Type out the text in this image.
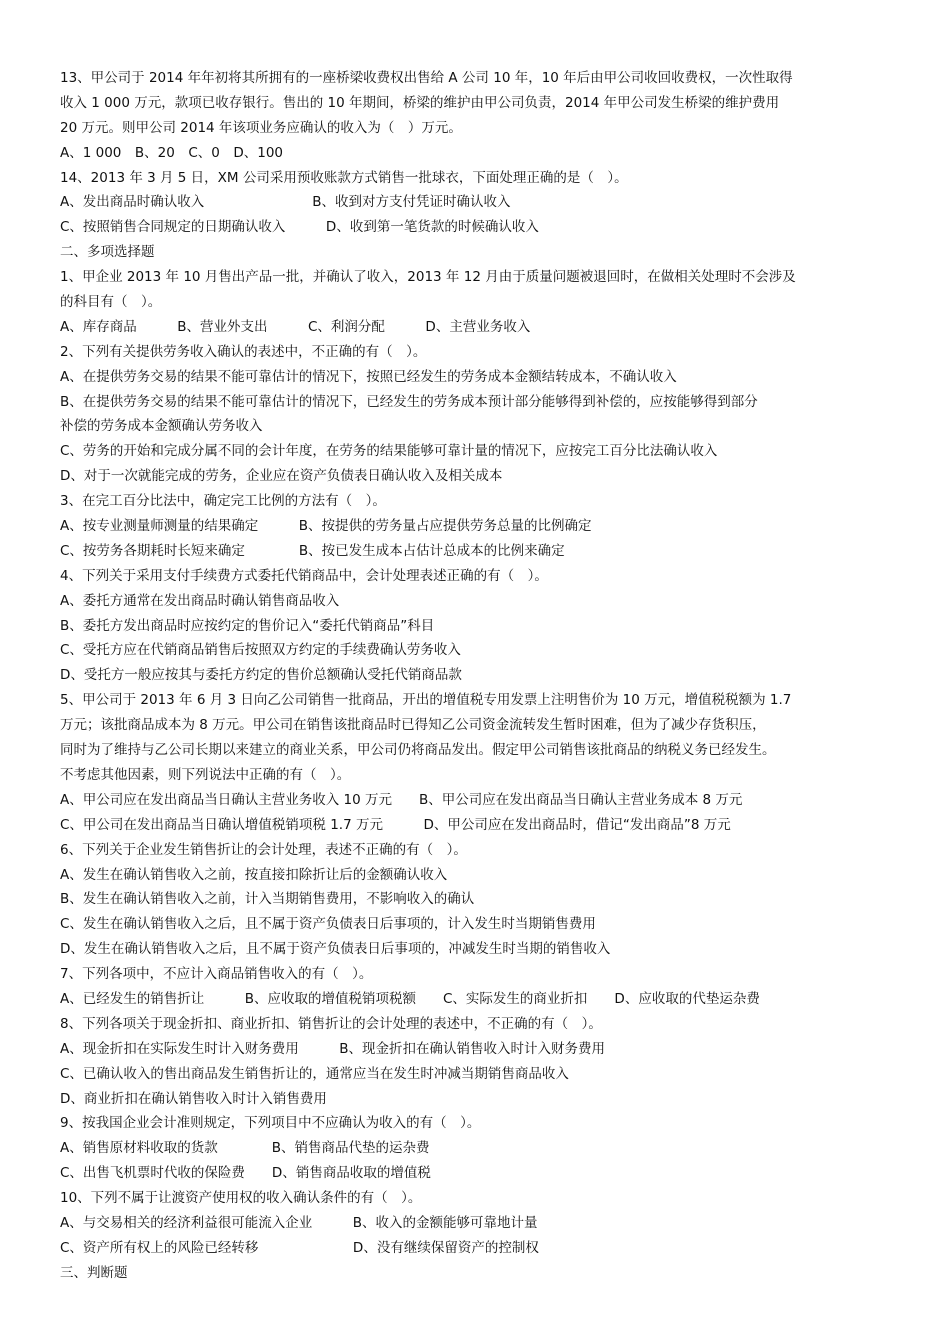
13、甲公司于 2014 年年初将其所拥有的一座桥梁收费权出售给 A 公司 10 年，10 年后由甲公司收回收费权，一次性取得
收入 1 000 万元，款项已收存银行。售出的 10 年期间，桥梁的维护由甲公司负责，2014 年甲公司发生桥梁的维护费用
20 万元。则甲公司 2014 年该项业务应确认的收入为（　）万元。
A、1 000　B、20　C、0　D、100
14、2013 年 3 月 5 日，XM 公司采用预收账款方式销售一批球衣，下面处理正确的是（　）。
A、发出商品时确认收入　　　　　　　　B、收到对方支付凭证时确认收入
C、按照销售合同规定的日期确认收入　　　D、收到第一笔货款的时候确认收入
二、多项选择题
1、甲企业 2013 年 10 月售出产品一批，并确认了收入，2013 年 12 月由于质量问题被退回时，在做相关处理时不会涉及
的科目有（　）。
A、库存商品　　　B、营业外支出　　　C、利润分配　　　D、主营业务收入
2、下列有关提供劳务收入确认的表述中，不正确的有（　）。
A、在提供劳务交易的结果不能可靠估计的情况下，按照已经发生的劳务成本金额结转成本，不确认收入
B、在提供劳务交易的结果不能可靠估计的情况下，已经发生的劳务成本预计部分能够得到补偿的，应按能够得到部分
补偿的劳务成本金额确认劳务收入
C、劳务的开始和完成分属不同的会计年度，在劳务的结果能够可靠计量的情况下，应按完工百分比法确认收入
D、对于一次就能完成的劳务，企业应在资产负债表日确认收入及相关成本
3、在完工百分比法中，确定完工比例的方法有（　）。
A、按专业测量师测量的结果确定　　　B、按提供的劳务量占应提供劳务总量的比例确定
C、按劳务各期耗时长短来确定　　　　B、按已发生成本占估计总成本的比例来确定
4、下列关于采用支付手续费方式委托代销商品中，会计处理表述正确的有（　）。
A、委托方通常在发出商品时确认销售商品收入
B、委托方发出商品时应按约定的售价记入“委托代销商品”科目
C、受托方应在代销商品销售后按照双方约定的手续费确认劳务收入
D、受托方一般应按其与委托方约定的售价总额确认受托代销商品款
5、甲公司于 2013 年 6 月 3 日向乙公司销售一批商品，开出的增值税专用发票上注明售价为 10 万元，增值税税额为 1.7
万元；该批商品成本为 8 万元。甲公司在销售该批商品时已得知乙公司资金流转发生暂时困难，但为了减少存货积压，
同时为了维持与乙公司长期以来建立的商业关系，甲公司仍将商品发出。假定甲公司销售该批商品的纳税义务已经发生。
不考虑其他因素，则下列说法中正确的有（　）。
A、甲公司应在发出商品当日确认主营业务收入 10 万元　　B、甲公司应在发出商品当日确认主营业务成本 8 万元
C、甲公司在发出商品当日确认增值税销项税 1.7 万元　　　D、甲公司应在发出商品时，借记“发出商品”8 万元
6、下列关于企业发生销售折让的会计处理，表述不正确的有（　）。
A、发生在确认销售收入之前，按直接扣除折让后的金额确认收入
B、发生在确认销售收入之前，计入当期销售费用，不影响收入的确认
C、发生在确认销售收入之后，且不属于资产负债表日后事项的，计入发生时当期销售费用
D、发生在确认销售收入之后，且不属于资产负债表日后事项的，冲减发生时当期的销售收入
7、下列各项中，不应计入商品销售收入的有（　）。
A、已经发生的销售折让　　　B、应收取的增值税销项税额　　C、实际发生的商业折扣　　D、应收取的代垫运杂费
8、下列各项关于现金折扣、商业折扣、销售折让的会计处理的表述中，不正确的有（　）。
A、现金折扣在实际发生时计入财务费用　　　B、现金折扣在确认销售收入时计入财务费用
C、已确认收入的售出商品发生销售折让的，通常应当在发生时冲减当期销售商品收入
D、商业折扣在确认销售收入时计入销售费用
9、按我国企业会计准则规定，下列项目中不应确认为收入的有（　）。
A、销售原材料收取的货款　　　　B、销售商品代垫的运杂费
C、出售飞机票时代收的保险费　　D、销售商品收取的增值税
10、下列不属于让渡资产使用权的收入确认条件的有（　）。
A、与交易相关的经济利益很可能流入企业　　　B、收入的金额能够可靠地计量
C、资产所有权上的风险已经转移　　　　　　　D、没有继续保留资产的控制权
三、判断题
